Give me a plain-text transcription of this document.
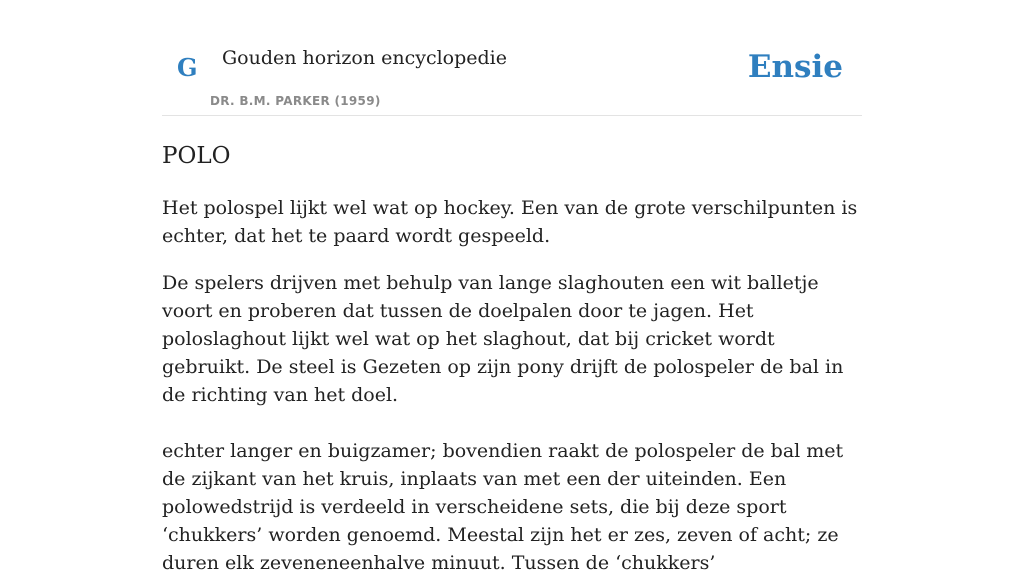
G Gouden horizon encyclopedie
DR. B.M. PARKER (1959)
Ensie
POLO

Het polospel lijkt wel wat op hockey. Een van de grote verschilpunten is echter, dat het te paard wordt gespeeld.

De spelers drijven met behulp van lange slaghouten een wit balletje voort en proberen dat tussen de doelpalen door te jagen. Het poloslaghout lijkt wel wat op het slaghout, dat bij cricket wordt gebruikt. De steel is Gezeten op zijn pony drijft de polospeler de bal in de richting van het doel.

echter langer en buigzamer; bovendien raakt de polospeler de bal met de zijkant van het kruis, inplaats van met een der uiteinden. Een polowedstrijd is verdeeld in verscheidene sets, die bij deze sport ‘chukkers’ worden genoemd. Meestal zijn het er zes, zeven of acht; ze duren elk zeveneneenhalve minuut. Tussen de ‘chukkers’
